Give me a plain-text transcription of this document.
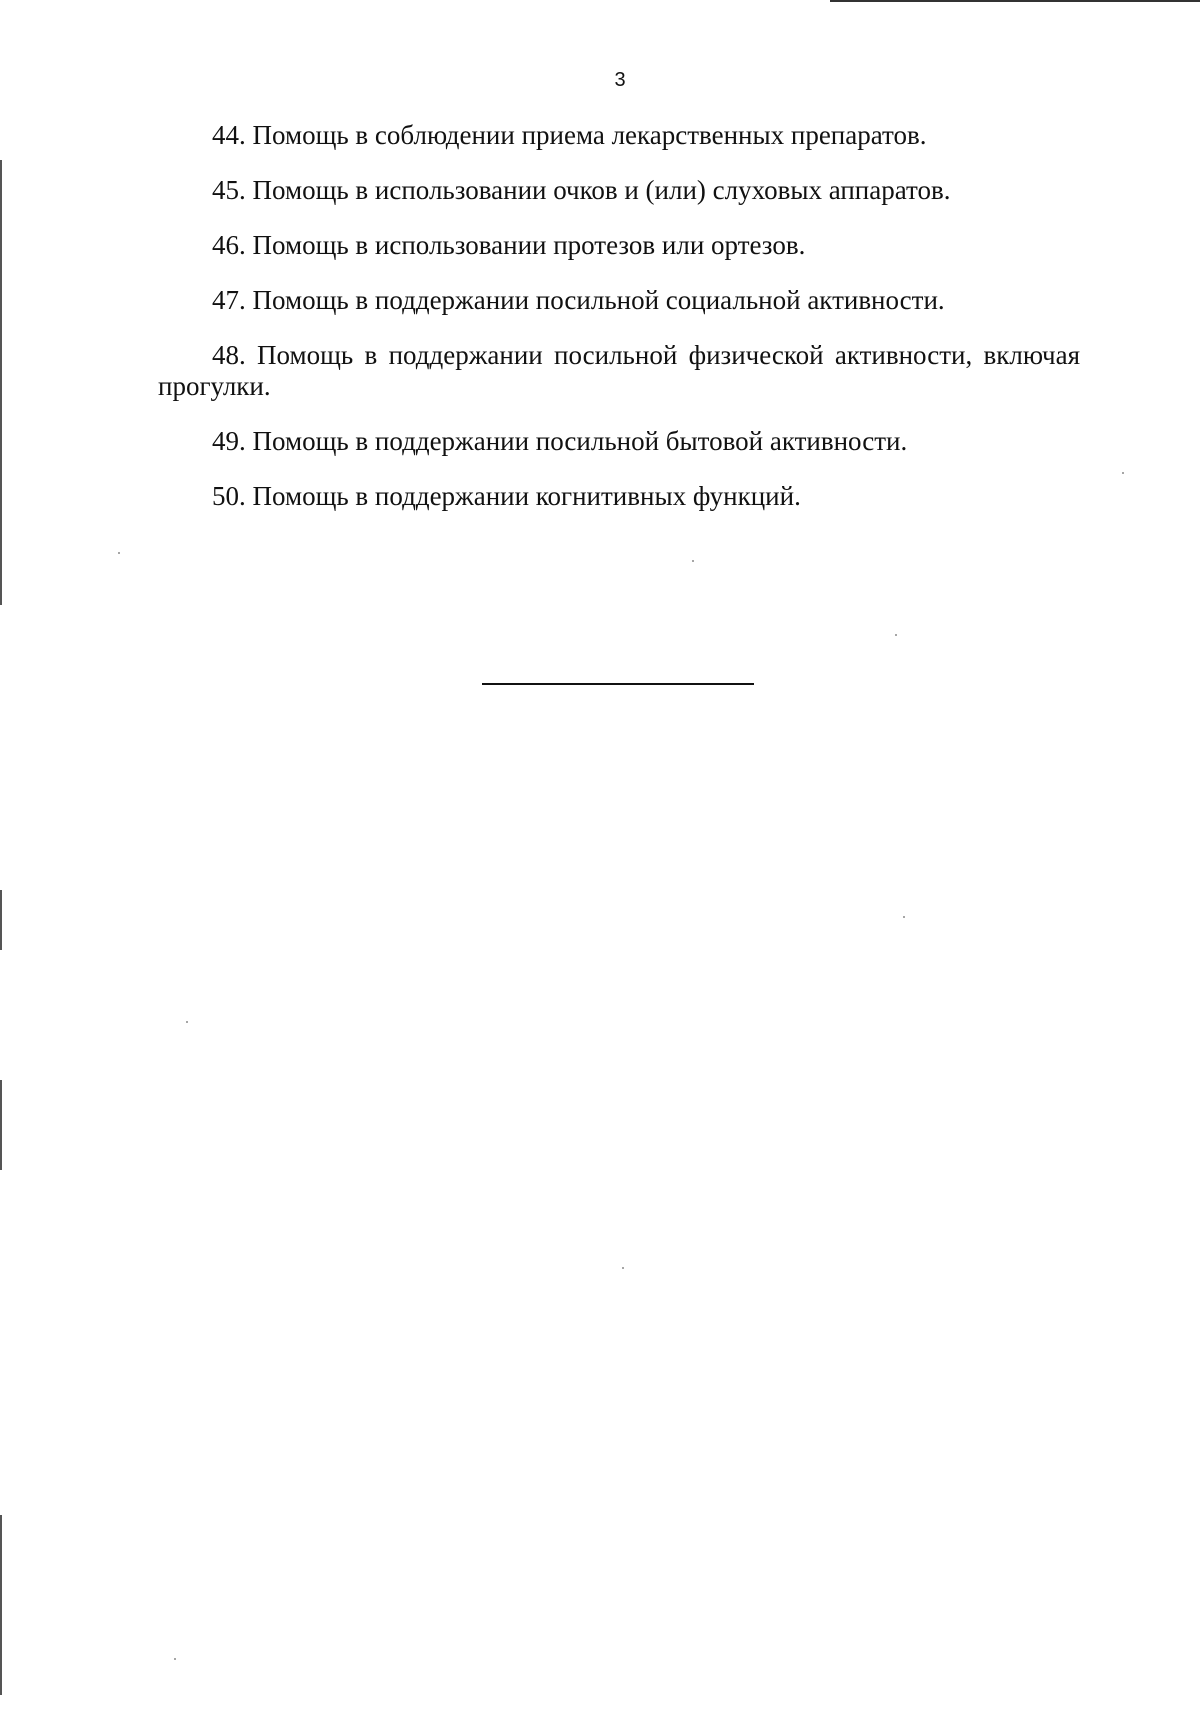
3

44. Помощь в соблюдении приема лекарственных препаратов.

45. Помощь в использовании очков и (или) слуховых аппаратов.

46. Помощь в использовании протезов или ортезов.

47. Помощь в поддержании посильной социальной активности.

48. Помощь в поддержании посильной физической активности, включая прогулки.

49. Помощь в поддержании посильной бытовой активности.

50. Помощь в поддержании когнитивных функций.
